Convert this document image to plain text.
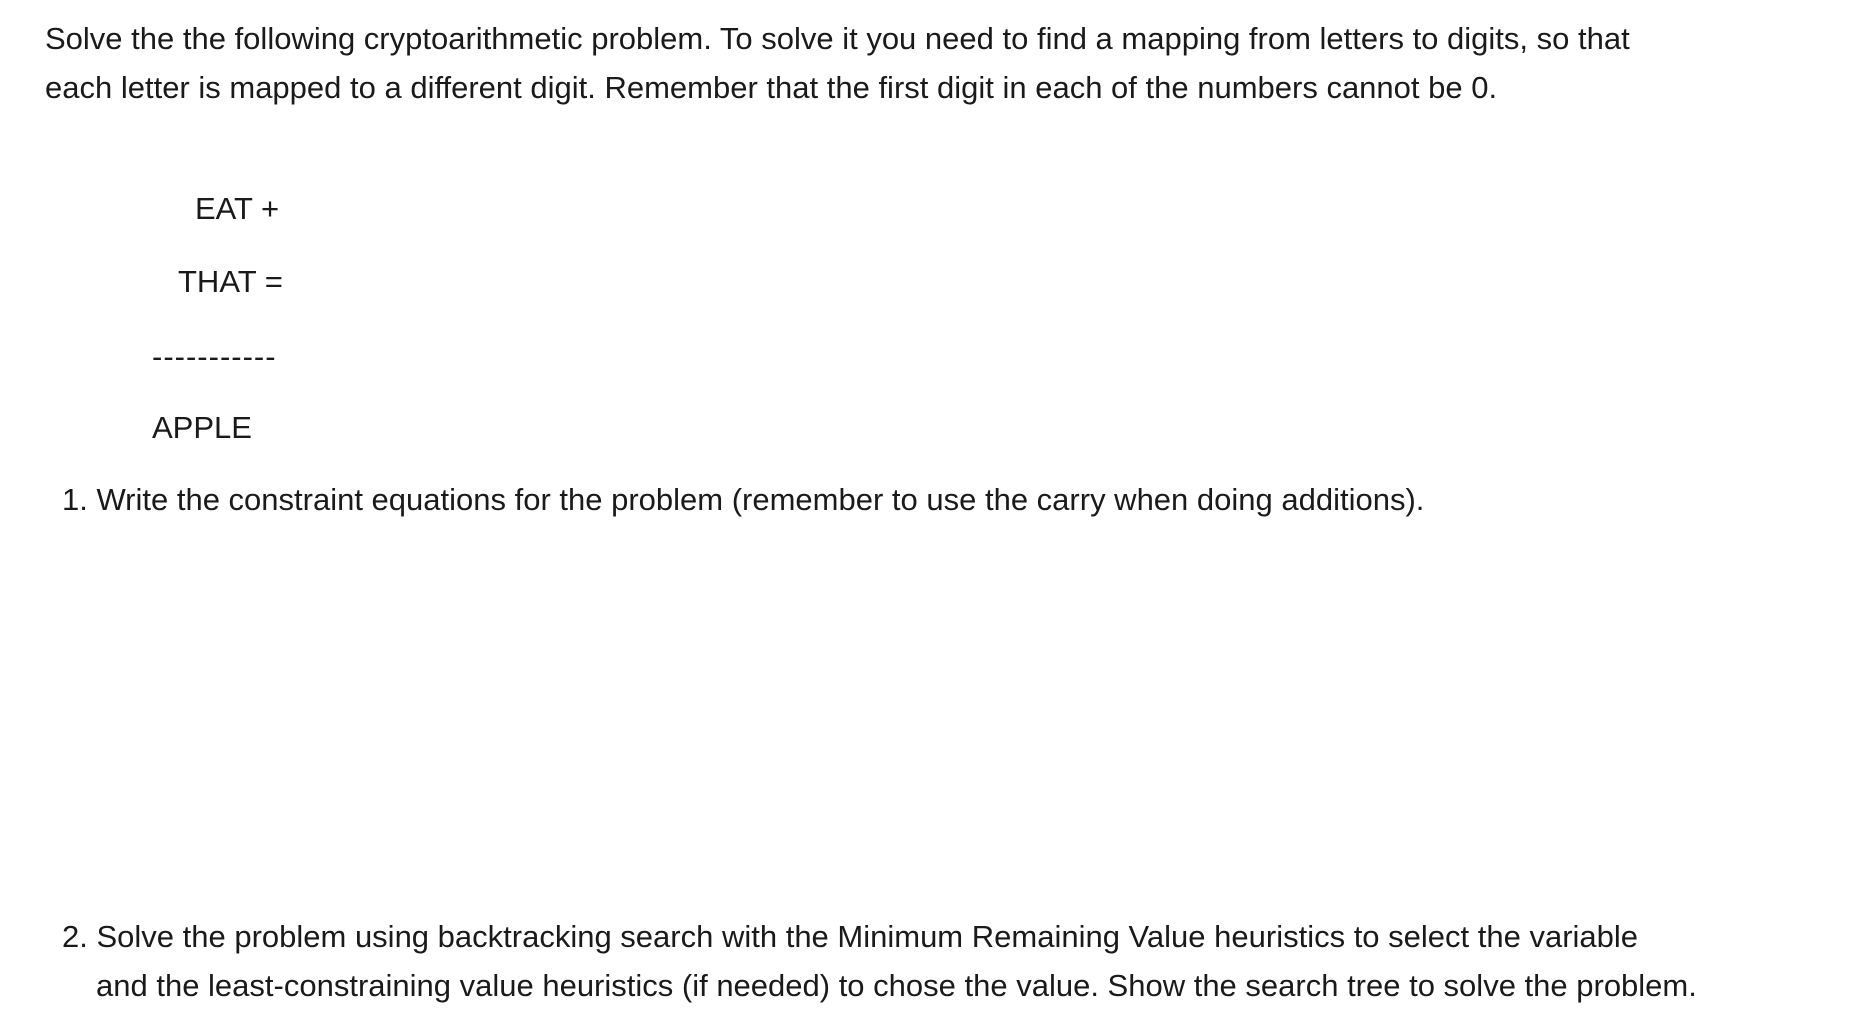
Solve the the following cryptoarithmetic problem. To solve it you need to find a mapping from letters to digits, so that
each letter is mapped to a different digit. Remember that the first digit in each of the numbers cannot be 0.
EAT +
THAT =
-----------
APPLE
1. Write the constraint equations for the problem (remember to use the carry when doing additions).
2. Solve the problem using backtracking search with the Minimum Remaining Value heuristics to select the variable
and the least-constraining value heuristics (if needed) to chose the value. Show the search tree to solve the problem.
